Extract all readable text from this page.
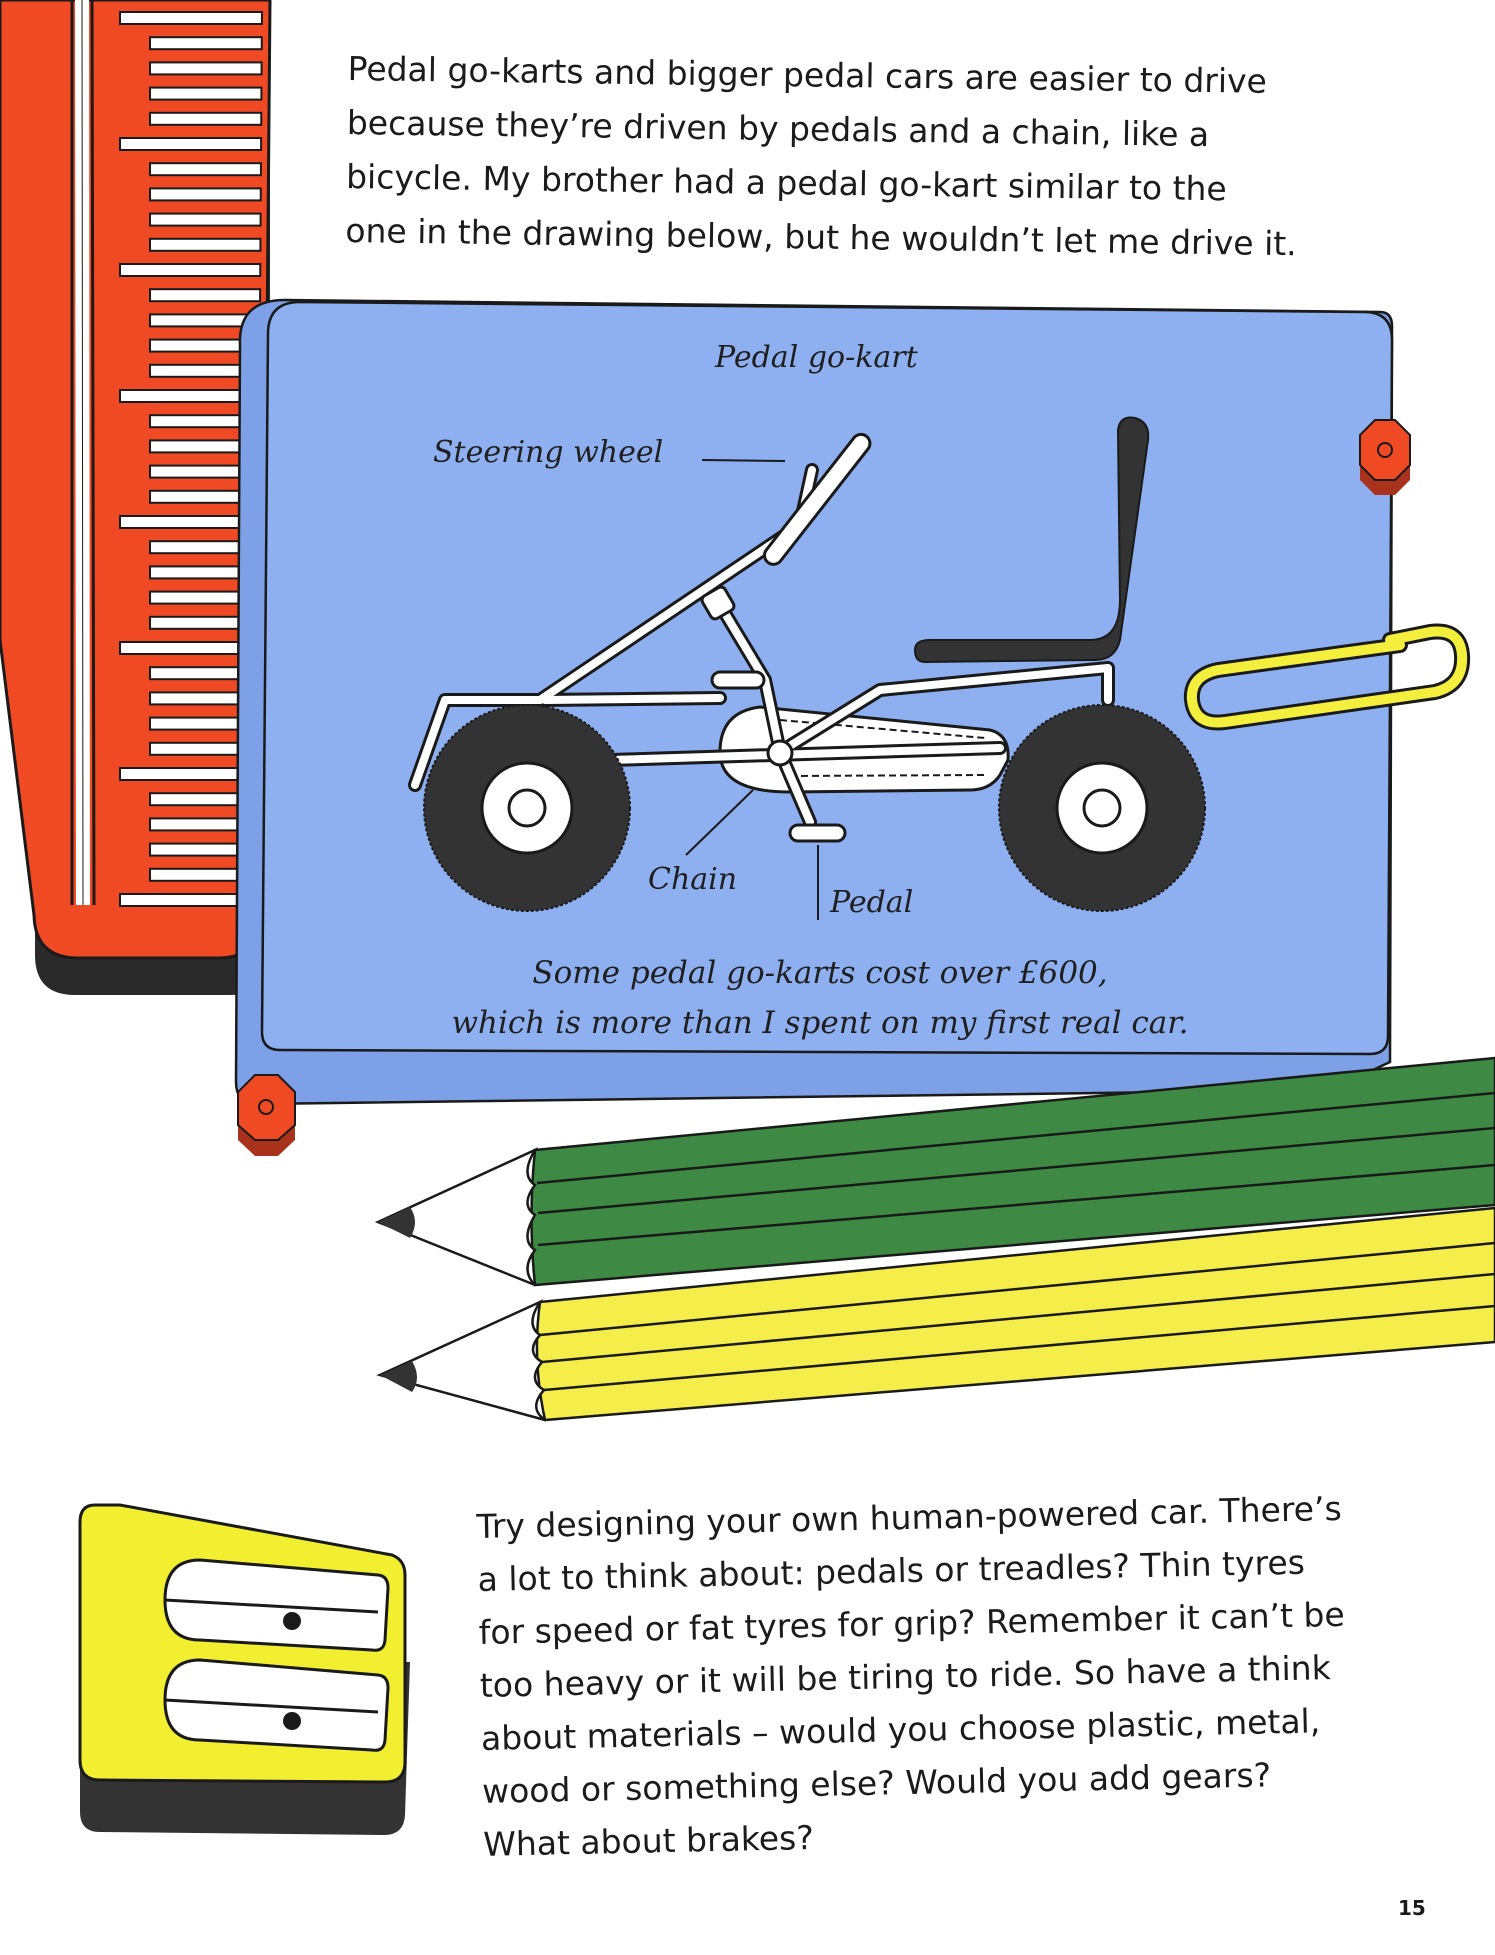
Pedal go-karts and bigger pedal cars are easier to drive
because they’re driven by pedals and a chain, like a
bicycle. My brother had a pedal go-kart similar to the
one in the drawing below, but he wouldn’t let me drive it.
Pedal go-kart
Steering wheel
Chain
Pedal
Some pedal go-karts cost over £600,
which is more than I spent on my first real car.
Try designing your own human-powered car. There’s
a lot to think about: pedals or treadles? Thin tyres
for speed or fat tyres for grip? Remember it can’t be
too heavy or it will be tiring to ride. So have a think
about materials – would you choose plastic, metal,
wood or something else? Would you add gears?
What about brakes?
15
